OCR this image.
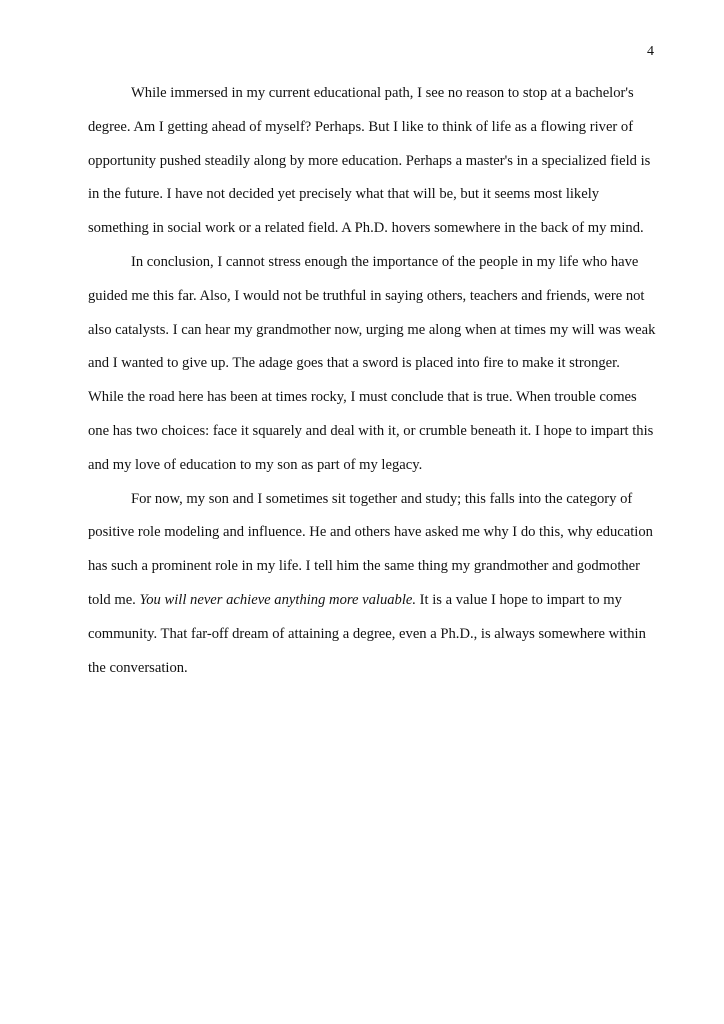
4
While immersed in my current educational path, I see no reason to stop at a bachelor's
degree. Am I getting ahead of myself? Perhaps. But I like to think of life as a flowing river of
opportunity pushed steadily along by more education. Perhaps a master's in a specialized field is
in the future. I have not decided yet precisely what that will be, but it seems most likely
something in social work or a related field. A Ph.D. hovers somewhere in the back of my mind.
In conclusion, I cannot stress enough the importance of the people in my life who have
guided me this far. Also, I would not be truthful in saying others, teachers and friends, were not
also catalysts. I can hear my grandmother now, urging me along when at times my will was weak
and I wanted to give up. The adage goes that a sword is placed into fire to make it stronger.
While the road here has been at times rocky, I must conclude that is true. When trouble comes
one has two choices: face it squarely and deal with it, or crumble beneath it. I hope to impart this
and my love of education to my son as part of my legacy.
For now, my son and I sometimes sit together and study; this falls into the category of
positive role modeling and influence. He and others have asked me why I do this, why education
has such a prominent role in my life. I tell him the same thing my grandmother and godmother
told me. You will never achieve anything more valuable. It is a value I hope to impart to my
community. That far-off dream of attaining a degree, even a Ph.D., is always somewhere within
the conversation.
